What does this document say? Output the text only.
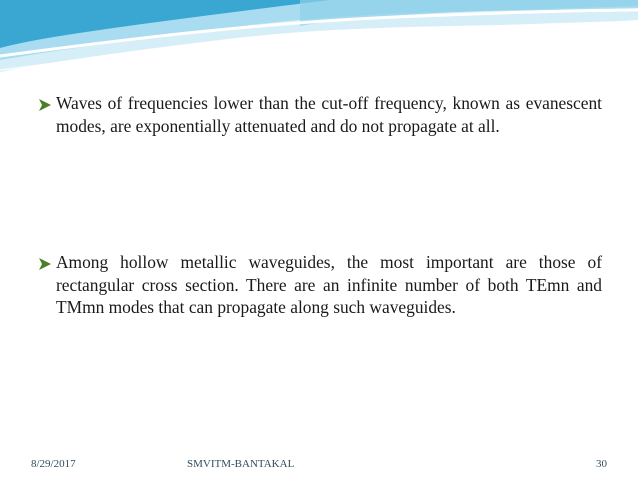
Waves of frequencies lower than the cut-off frequency, known as evanescent modes, are exponentially attenuated and do not propagate at all.
Among hollow metallic waveguides, the most important are those of rectangular cross section. There are an infinite number of both TEmn and TMmn modes that can propagate along such waveguides.
8/29/2017	SMVITM-BANTAKAL	30
